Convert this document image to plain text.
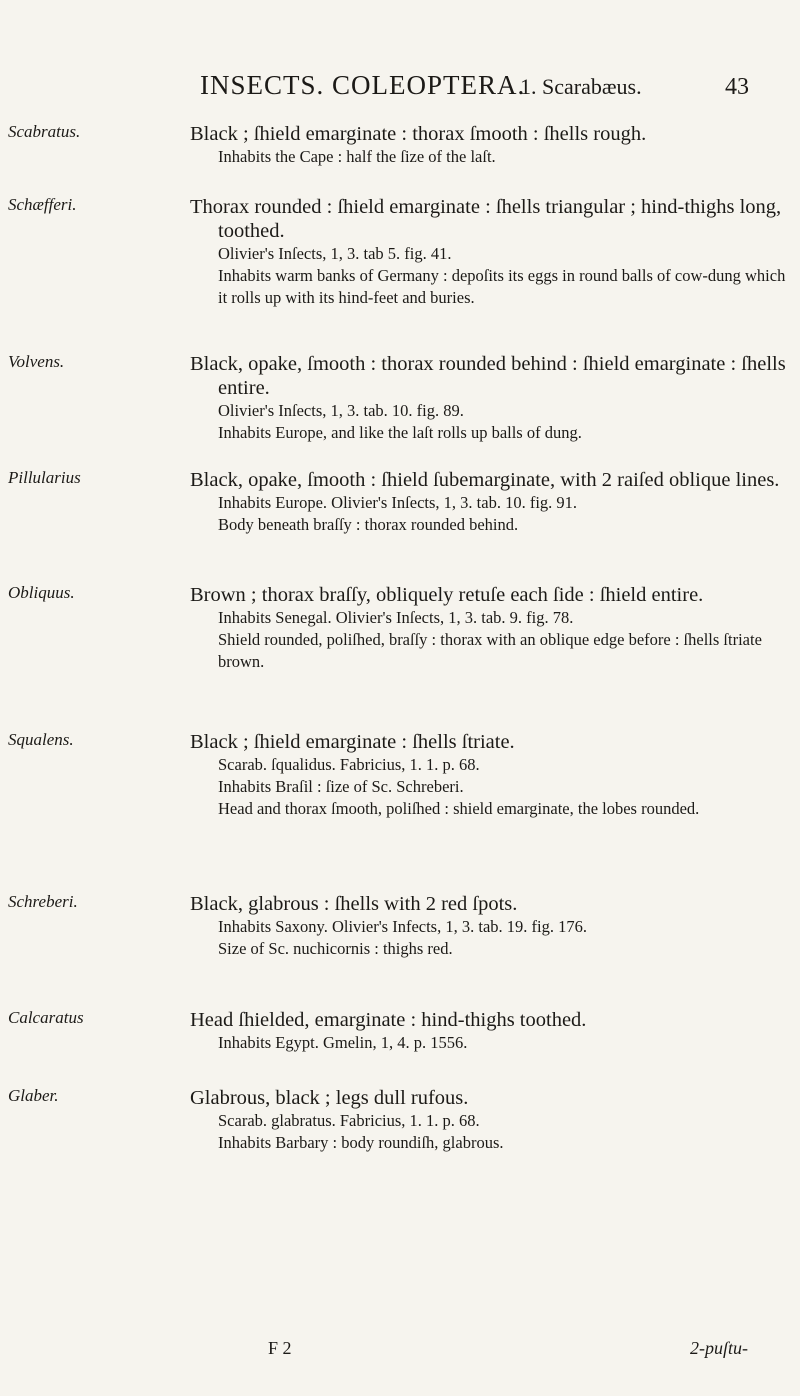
INSECTS. COLEOPTERA.
1. Scarabæus.	43
Scabratus.	Black ; ſhield emarginate : thorax ſmooth : ſhells rough.
Inhabits the Cape : half the ſize of the laſt.
Schæfferi.	Thorax rounded : ſhield emarginate : ſhells triangular ; hind-thighs long, toothed.
Olivier's Inſects, 1, 3. tab 5. fig. 41.
Inhabits warm banks of Germany : depoſits its eggs in round balls of cow-dung which it rolls up with its hind-feet and buries.
Volvens.	Black, opake, ſmooth : thorax rounded behind : ſhield emarginate : ſhells entire.
Olivier's Inſects, 1, 3. tab. 10. fig. 89.
Inhabits Europe, and like the laſt rolls up balls of dung.
Pillularius	Black, opake, ſmooth : ſhield ſubemarginate, with 2 raiſed oblique lines.
Inhabits Europe. Olivier's Inſects, 1, 3. tab. 10. fig. 91.
Body beneath braſſy : thorax rounded behind.
Obliquus.	Brown ; thorax braſſy, obliquely retuſe each ſide : ſhield entire.
Inhabits Senegal. Olivier's Inſects, 1, 3. tab. 9. fig. 78.
Shield rounded, poliſhed, braſſy : thorax with an oblique edge before : ſhells ſtriate brown.
Squalens.	Black ; ſhield emarginate : ſhells ſtriate.
Scarab. ſqualidus. Fabricius, 1. 1. p. 68.
Inhabits Braſil : ſize of Sc. Schreberi.
Head and thorax ſmooth, poliſhed : shield emarginate, the lobes rounded.
Schreberi.	Black, glabrous : ſhells with 2 red ſpots.
Inhabits Saxony. Olivier's Infects, 1, 3. tab. 19. fig. 176.
Size of Sc. nuchicornis : thighs red.
Calcaratus	Head ſhielded, emarginate : hind-thighs toothed.
Inhabits Egypt. Gmelin, 1, 4. p. 1556.
Glaber.	Glabrous, black ; legs dull rufous.
Scarab. glabratus. Fabricius, 1. 1. p. 68.
Inhabits Barbary : body roundiſh, glabrous.
F 2	2-puſtu-
